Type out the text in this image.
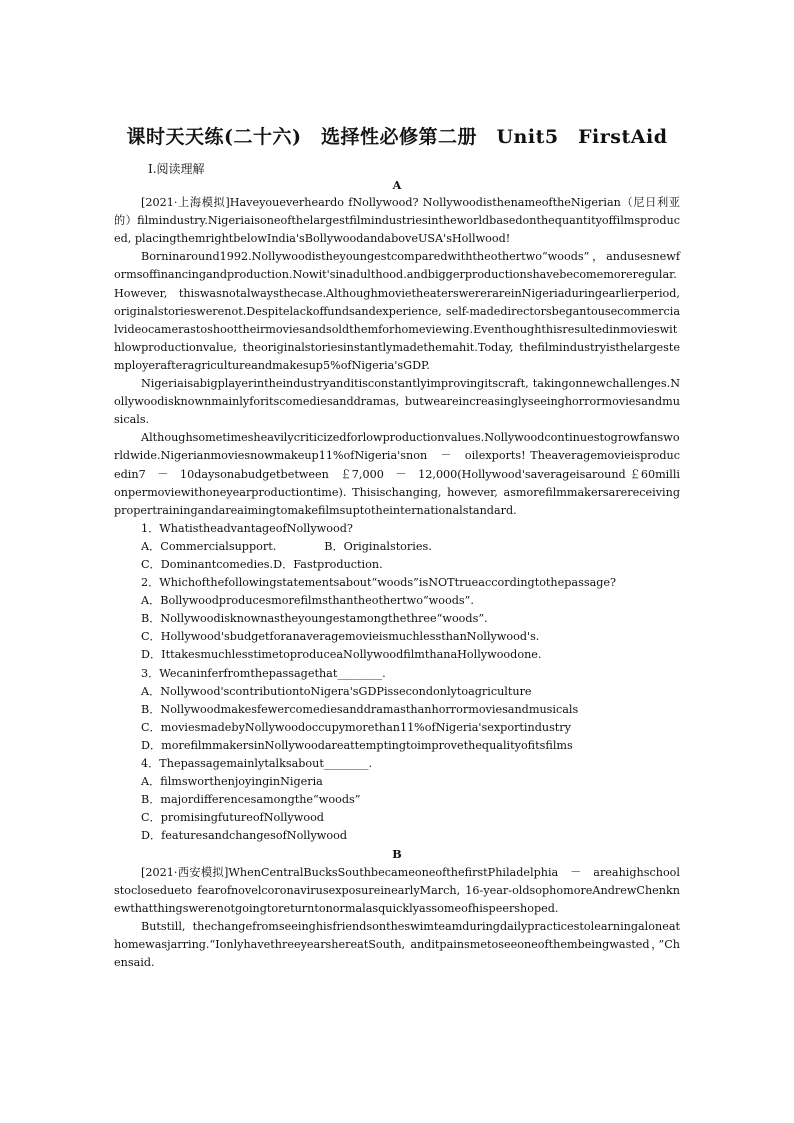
课时天天练(二十六)　选择性必修第二册　Unit5　FirstAid
Ⅰ.阅读理解

A

[2021·上海模拟]Haveyoueverheardo fNollywood? NollywoodisthenameoftheNigerian（尼日利亚的）filmindustry.Nigeriaisoneofthelargestfilmindustriesintheworldbasedonthequantityoffilmsproduced, placingthemrightbelowIndia'sBollywoodandaboveUSA'sHollwood!

Borninaround1992.Nollywoodistheyoungestcomparedwiththeothertwo“woods”，andusesnewformsoffinancingandproduction.Nowit'sinadulthood.andbiggerproductionshavebecomemoreregular.However, thiswasnotalwaysthecase.AlthoughmovietheaterswererareinNigeriaduringearlierperiod, originalstorieswerenot.Despitelackoffundsandexperience, self-madedirectorsbegantousecommercialvideocamerastoshoottheirmoviesandsoldthemforhomeviewing.Eventhoughthisresultedinmovieswithlowproductionvalue, theoriginalstoriesinstantlymadethemahit.Today, thefilmindustryisthelargestemployerafteragricultureandmakesup5%ofNigeria'sGDP.

Nigeriaisabigplayerintheindustryanditisconstantlyimprovingitscraft, takingonnewchallenges.Nollywoodisknownmainlyforitscomediesanddramas, butweareincreasinglyseeinghorrormoviesandmusicals.

Althoughsometimesheavilycriticizedforlowproductionvalues.Nollywoodcontinuestogrowfansworldwide.Nigerianmoviesnowmakeup11%ofNigeria'snon　－　oilexports! Theaveragemovieisproducedin7　－　10daysonabudgetbetween　￡7,000　－　12,000(Hollywood'saverageisaround ￡60millionpermoviewithoneyearproductiontime). Thisischanging, however, asmorefilmmakersarereceivingpropertrainingandareaimingtomakefilmsuptotheinternationalstandard.

1．WhatistheadvantageofNollywood?

A．Commercialsupport.	B．Originalstories.

C．Dominantcomedies.D．Fastproduction.

2．Whichofthefollowingstatementsabout“woods”isNOTtrueaccordingtothepassage?

A．Bollywoodproducesmorefilmsthantheothertwo“woods”.

B．Nollywoodisknownastheyoungestamongthethree“woods”.

C．Hollywood'sbudgetforanaveragemovieismuchlessthanNollywood's.

D．IttakesmuchlesstimetoproduceaNollywoodfilmthanaHollywoodone.

3．Wecaninferfromthepassagethat________.

A．Nollywood'scontributiontoNigera'sGDPissecondonlytoagriculture

B．Nollywoodmakesfewercomediesanddramasthanhorrormoviesandmusicals

C．moviesmadebyNollywoodoccupymorethan11%ofNigeria'sexportindustry

D．morefilmmakersinNollywoodareattemptingtoimprovethequalityofitsfilms

4．Thepassagemainlytalksabout________.

A．filmsworthenjoyinginNigeria

B．majordifferencesamongthe“woods”

C．promisingfutureofNollywood

D．featuresandchangesofNollywood

B

[2021·西安模拟]WhenCentralBucksSouthbecameoneofthefirstPhiladelphia　－　areahighschoolstoclosedueto fearofnovelcoronavirusexposureinearlyMarch, 16-year-oldsophomoreAndrewChenknewthatthingswerenotgoingtoreturntonormalasquicklyassomeofhispeershoped.

Butstill, thechangefromseeinghisfriendsontheswimteamduringdailypracticestolearningaloneathomewasjarring.“IonlyhavethreeyearshereatSouth, anditpainsmetoseeoneofthembeingwasted，”Chensaid.
